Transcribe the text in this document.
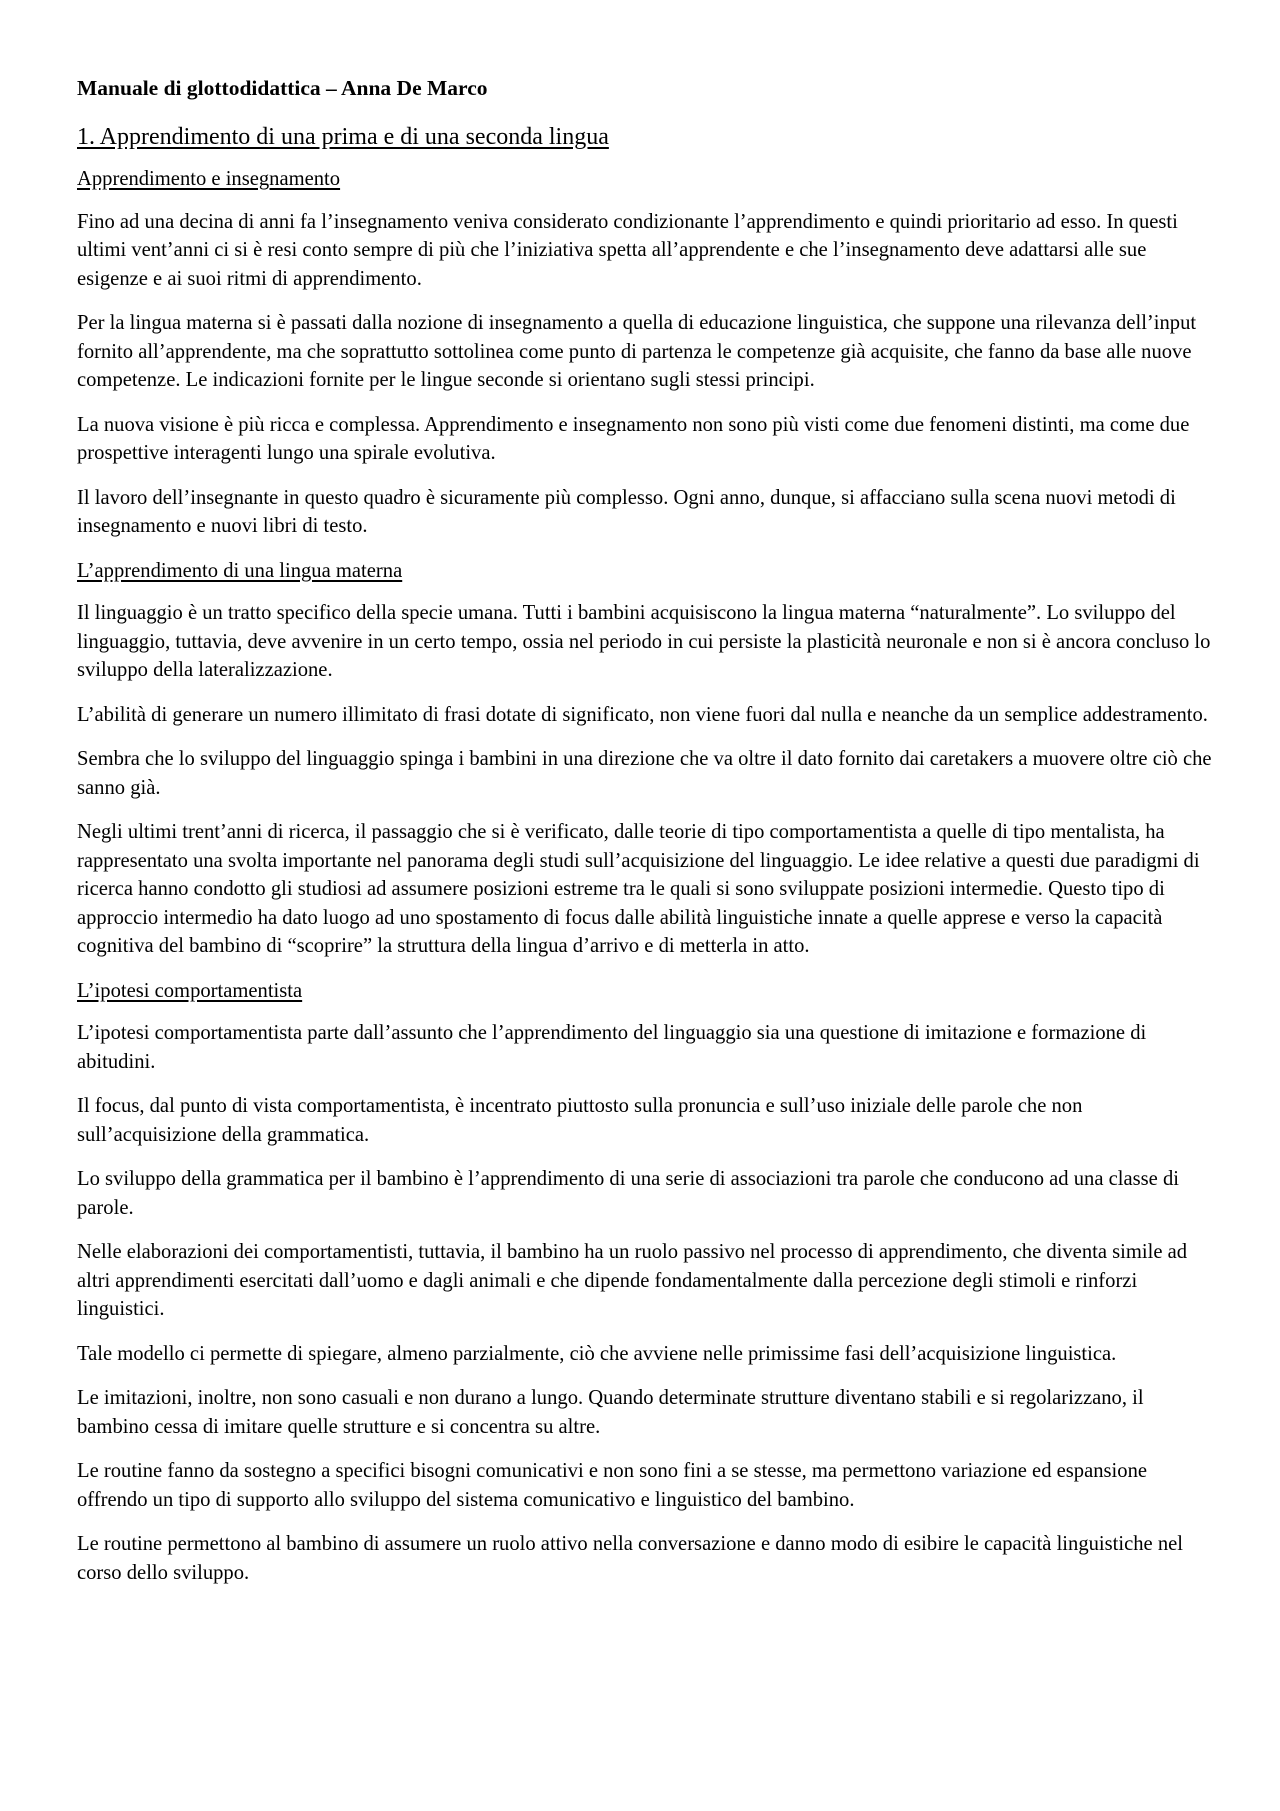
Manuale di glottodidattica – Anna De Marco
1. Apprendimento di una prima e di una seconda lingua
Apprendimento e insegnamento

Fino ad una decina di anni fa l’insegnamento veniva considerato condizionante l’apprendimento e quindi prioritario ad esso. In questi ultimi vent’anni ci si è resi conto sempre di più che l’iniziativa spetta all’apprendente e che l’insegnamento deve adattarsi alle sue esigenze e ai suoi ritmi di apprendimento.

Per la lingua materna si è passati dalla nozione di insegnamento a quella di educazione linguistica, che suppone una rilevanza dell’input fornito all’apprendente, ma che soprattutto sottolinea come punto di partenza le competenze già acquisite, che fanno da base alle nuove competenze. Le indicazioni fornite per le lingue seconde si orientano sugli stessi principi.

La nuova visione è più ricca e complessa. Apprendimento e insegnamento non sono più visti come due fenomeni distinti, ma come due prospettive interagenti lungo una spirale evolutiva.

Il lavoro dell’insegnante in questo quadro è sicuramente più complesso. Ogni anno, dunque, si affacciano sulla scena nuovi metodi di insegnamento e nuovi libri di testo.

L’apprendimento di una lingua materna

Il linguaggio è un tratto specifico della specie umana. Tutti i bambini acquisiscono la lingua materna “naturalmente”. Lo sviluppo del linguaggio, tuttavia, deve avvenire in un certo tempo, ossia nel periodo in cui persiste la plasticità neuronale e non si è ancora concluso lo sviluppo della lateralizzazione.

L’abilità di generare un numero illimitato di frasi dotate di significato, non viene fuori dal nulla e neanche da un semplice addestramento.

Sembra che lo sviluppo del linguaggio spinga i bambini in una direzione che va oltre il dato fornito dai caretakers a muovere oltre ciò che sanno già.

Negli ultimi trent’anni di ricerca, il passaggio che si è verificato, dalle teorie di tipo comportamentista a quelle di tipo mentalista, ha rappresentato una svolta importante nel panorama degli studi sull’acquisizione del linguaggio. Le idee relative a questi due paradigmi di ricerca hanno condotto gli studiosi ad assumere posizioni estreme tra le quali si sono sviluppate posizioni intermedie. Questo tipo di approccio intermedio ha dato luogo ad uno spostamento di focus dalle abilità linguistiche innate a quelle apprese e verso la capacità cognitiva del bambino di “scoprire” la struttura della lingua d’arrivo e di metterla in atto.

L’ipotesi comportamentista

L’ipotesi comportamentista parte dall’assunto che l’apprendimento del linguaggio sia una questione di imitazione e formazione di abitudini.

Il focus, dal punto di vista comportamentista, è incentrato piuttosto sulla pronuncia e sull’uso iniziale delle parole che non sull’acquisizione della grammatica.

Lo sviluppo della grammatica per il bambino è l’apprendimento di una serie di associazioni tra parole che conducono ad una classe di parole.

Nelle elaborazioni dei comportamentisti, tuttavia, il bambino ha un ruolo passivo nel processo di apprendimento, che diventa simile ad altri apprendimenti esercitati dall’uomo e dagli animali e che dipende fondamentalmente dalla percezione degli stimoli e rinforzi linguistici.

Tale modello ci permette di spiegare, almeno parzialmente, ciò che avviene nelle primissime fasi dell’acquisizione linguistica.

Le imitazioni, inoltre, non sono casuali e non durano a lungo. Quando determinate strutture diventano stabili e si regolarizzano, il bambino cessa di imitare quelle strutture e si concentra su altre.

Le routine fanno da sostegno a specifici bisogni comunicativi e non sono fini a se stesse, ma permettono variazione ed espansione offrendo un tipo di supporto allo sviluppo del sistema comunicativo e linguistico del bambino.

Le routine permettono al bambino di assumere un ruolo attivo nella conversazione e danno modo di esibire le capacità linguistiche nel corso dello sviluppo.
